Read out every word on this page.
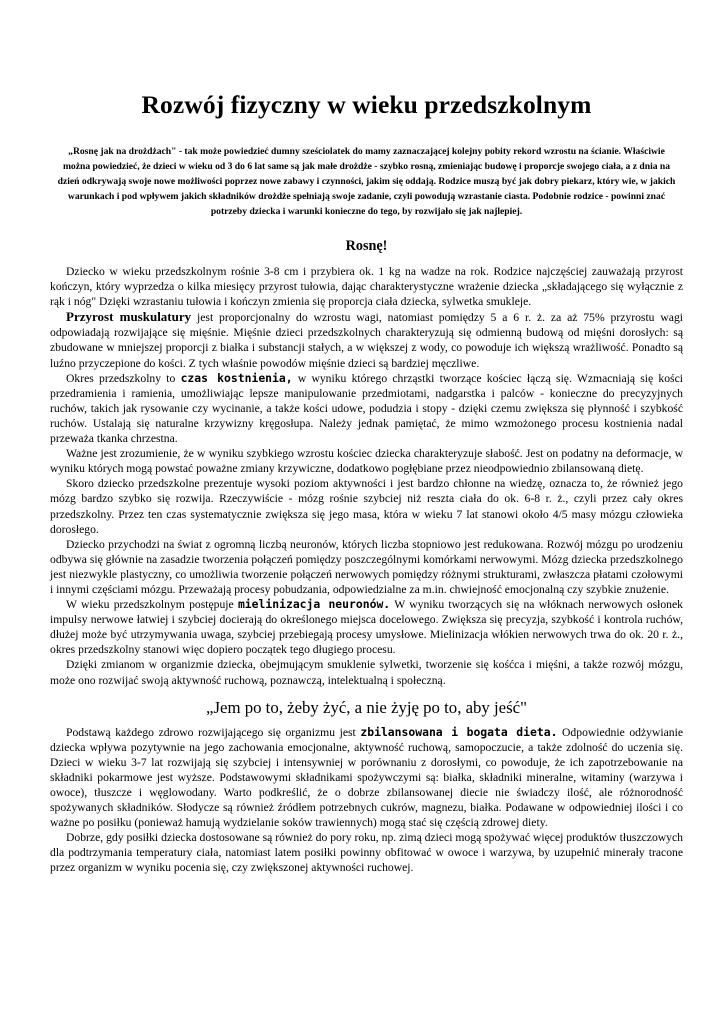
Rozwój fizyczny w wieku przedszkolnym

„Rosnę jak na drożdżach" - tak może powiedzieć dumny sześciolatek do mamy zaznaczającej kolejny pobity rekord wzrostu na ścianie. Właściwie można powiedzieć, że dzieci w wieku od 3 do 6 lat same są jak małe drożdże - szybko rosną, zmieniając budowę i proporcje swojego ciała, a z dnia na dzień odkrywają swoje nowe możliwości poprzez nowe zabawy i czynności, jakim się oddają. Rodzice muszą być jak dobry piekarz, który wie, w jakich warunkach i pod wpływem jakich składników drożdże spełniają swoje zadanie, czyli powodują wzrastanie ciasta. Podobnie rodzice - powinni znać potrzeby dziecka i warunki konieczne do tego, by rozwijało się jak najlepiej.

Rosnę!

Dziecko w wieku przedszkolnym rośnie 3-8 cm i przybiera ok. 1 kg na wadze na rok. Rodzice najczęściej zauważają przyrost kończyn, który wyprzedza o kilka miesięcy przyrost tułowia, dając charakterystyczne wrażenie dziecka „składającego się wyłącznie z rąk i nóg" Dzięki wzrastaniu tułowia i kończyn zmienia się proporcja ciała dziecka, sylwetka smukleje.

Przyrost muskulatury jest proporcjonalny do wzrostu wagi, natomiast pomiędzy 5 a 6 r. ż. za aż 75% przyrostu wagi odpowiadają rozwijające się mięśnie. Mięśnie dzieci przedszkolnych charakteryzują się odmienną budową od mięśni dorosłych: są zbudowane w mniejszej proporcji z białka i substancji stałych, a w większej z wody, co powoduje ich większą wrażliwość. Ponadto są luźno przyczepione do kości. Z tych właśnie powodów mięśnie dzieci są bardziej męczliwe.

Okres przedszkolny to czas kostnienia, w wyniku którego chrząstki tworzące kościec łączą się. Wzmacniają się kości przedramienia i ramienia, umożliwiając lepsze manipulowanie przedmiotami, nadgarstka i palców - konieczne do precyzyjnych ruchów, takich jak rysowanie czy wycinanie, a także kości udowe, podudzia i stopy - dzięki czemu zwiększa się płynność i szybkość ruchów. Ustalają się naturalne krzywizny kręgosłupa. Należy jednak pamiętać, że mimo wzmożonego procesu kostnienia nadal przeważa tkanka chrzestna.

Ważne jest zrozumienie, że w wyniku szybkiego wzrostu kościec dziecka charakteryzuje słabość. Jest on podatny na deformacje, w wyniku których mogą powstać poważne zmiany krzywiczne, dodatkowo pogłębiane przez nieodpowiednio zbilansowaną dietę.

Skoro dziecko przedszkolne prezentuje wysoki poziom aktywności i jest bardzo chłonne na wiedzę, oznacza to, że również jego mózg bardzo szybko się rozwija. Rzeczywiście - mózg rośnie szybciej niż reszta ciała do ok. 6-8 r. ż., czyli przez cały okres przedszkolny. Przez ten czas systematycznie zwiększa się jego masa, która w wieku 7 lat stanowi około 4/5 masy mózgu człowieka dorosłego.

Dziecko przychodzi na świat z ogromną liczbą neuronów, których liczba stopniowo jest redukowana. Rozwój mózgu po urodzeniu odbywa się głównie na zasadzie tworzenia połączeń pomiędzy poszczególnymi komórkami nerwowymi. Mózg dziecka przedszkolnego jest niezwykle plastyczny, co umożliwia tworzenie połączeń nerwowych pomiędzy różnymi strukturami, zwłaszcza płatami czołowymi i innymi częściami mózgu. Przeważają procesy pobudzania, odpowiedzialne za m.in. chwiejność emocjonalną czy szybkie znużenie.

W wieku przedszkolnym postępuje mielinizacja neuronów. W wyniku tworzących się na włóknach nerwowych osłonek impulsy nerwowe łatwiej i szybciej docierają do określonego miejsca docelowego. Zwiększa się precyzja, szybkość i kontrola ruchów, dłużej może być utrzymywania uwaga, szybciej przebiegają procesy umysłowe. Mielinizacja włókien nerwowych trwa do ok. 20 r. ż., okres przedszkolny stanowi więc dopiero początek tego długiego procesu.

Dzięki zmianom w organizmie dziecka, obejmującym smuklenie sylwetki, tworzenie się kośćca i mięśni, a także rozwój mózgu, może ono rozwijać swoją aktywność ruchową, poznawczą, intelektualną i społeczną.

„Jem po to, żeby żyć, a nie żyję po to, aby jeść"

Podstawą każdego zdrowo rozwijającego się organizmu jest zbilansowana i bogata dieta. Odpowiednie odżywianie dziecka wpływa pozytywnie na jego zachowania emocjonalne, aktywność ruchową, samopoczucie, a także zdolność do uczenia się. Dzieci w wieku 3-7 lat rozwijają się szybciej i intensywniej w porównaniu z dorosłymi, co powoduje, że ich zapotrzebowanie na składniki pokarmowe jest wyższe. Podstawowymi składnikami spożywczymi są: białka, składniki mineralne, witaminy (warzywa i owoce), tłuszcze i węglowodany. Warto podkreślić, że o dobrze zbilansowanej diecie nie świadczy ilość, ale różnorodność spożywanych składników. Słodycze są również źródłem potrzebnych cukrów, magnezu, białka. Podawane w odpowiedniej ilości i co ważne po posiłku (ponieważ hamują wydzielanie soków trawiennych) mogą stać się częścią zdrowej diety.

Dobrze, gdy posiłki dziecka dostosowane są również do pory roku, np. zimą dzieci mogą spożywać więcej produktów tłuszczowych dla podtrzymania temperatury ciała, natomiast latem posiłki powinny obfitować w owoce i warzywa, by uzupełnić minerały tracone przez organizm w wyniku pocenia się, czy zwiększonej aktywności ruchowej.
